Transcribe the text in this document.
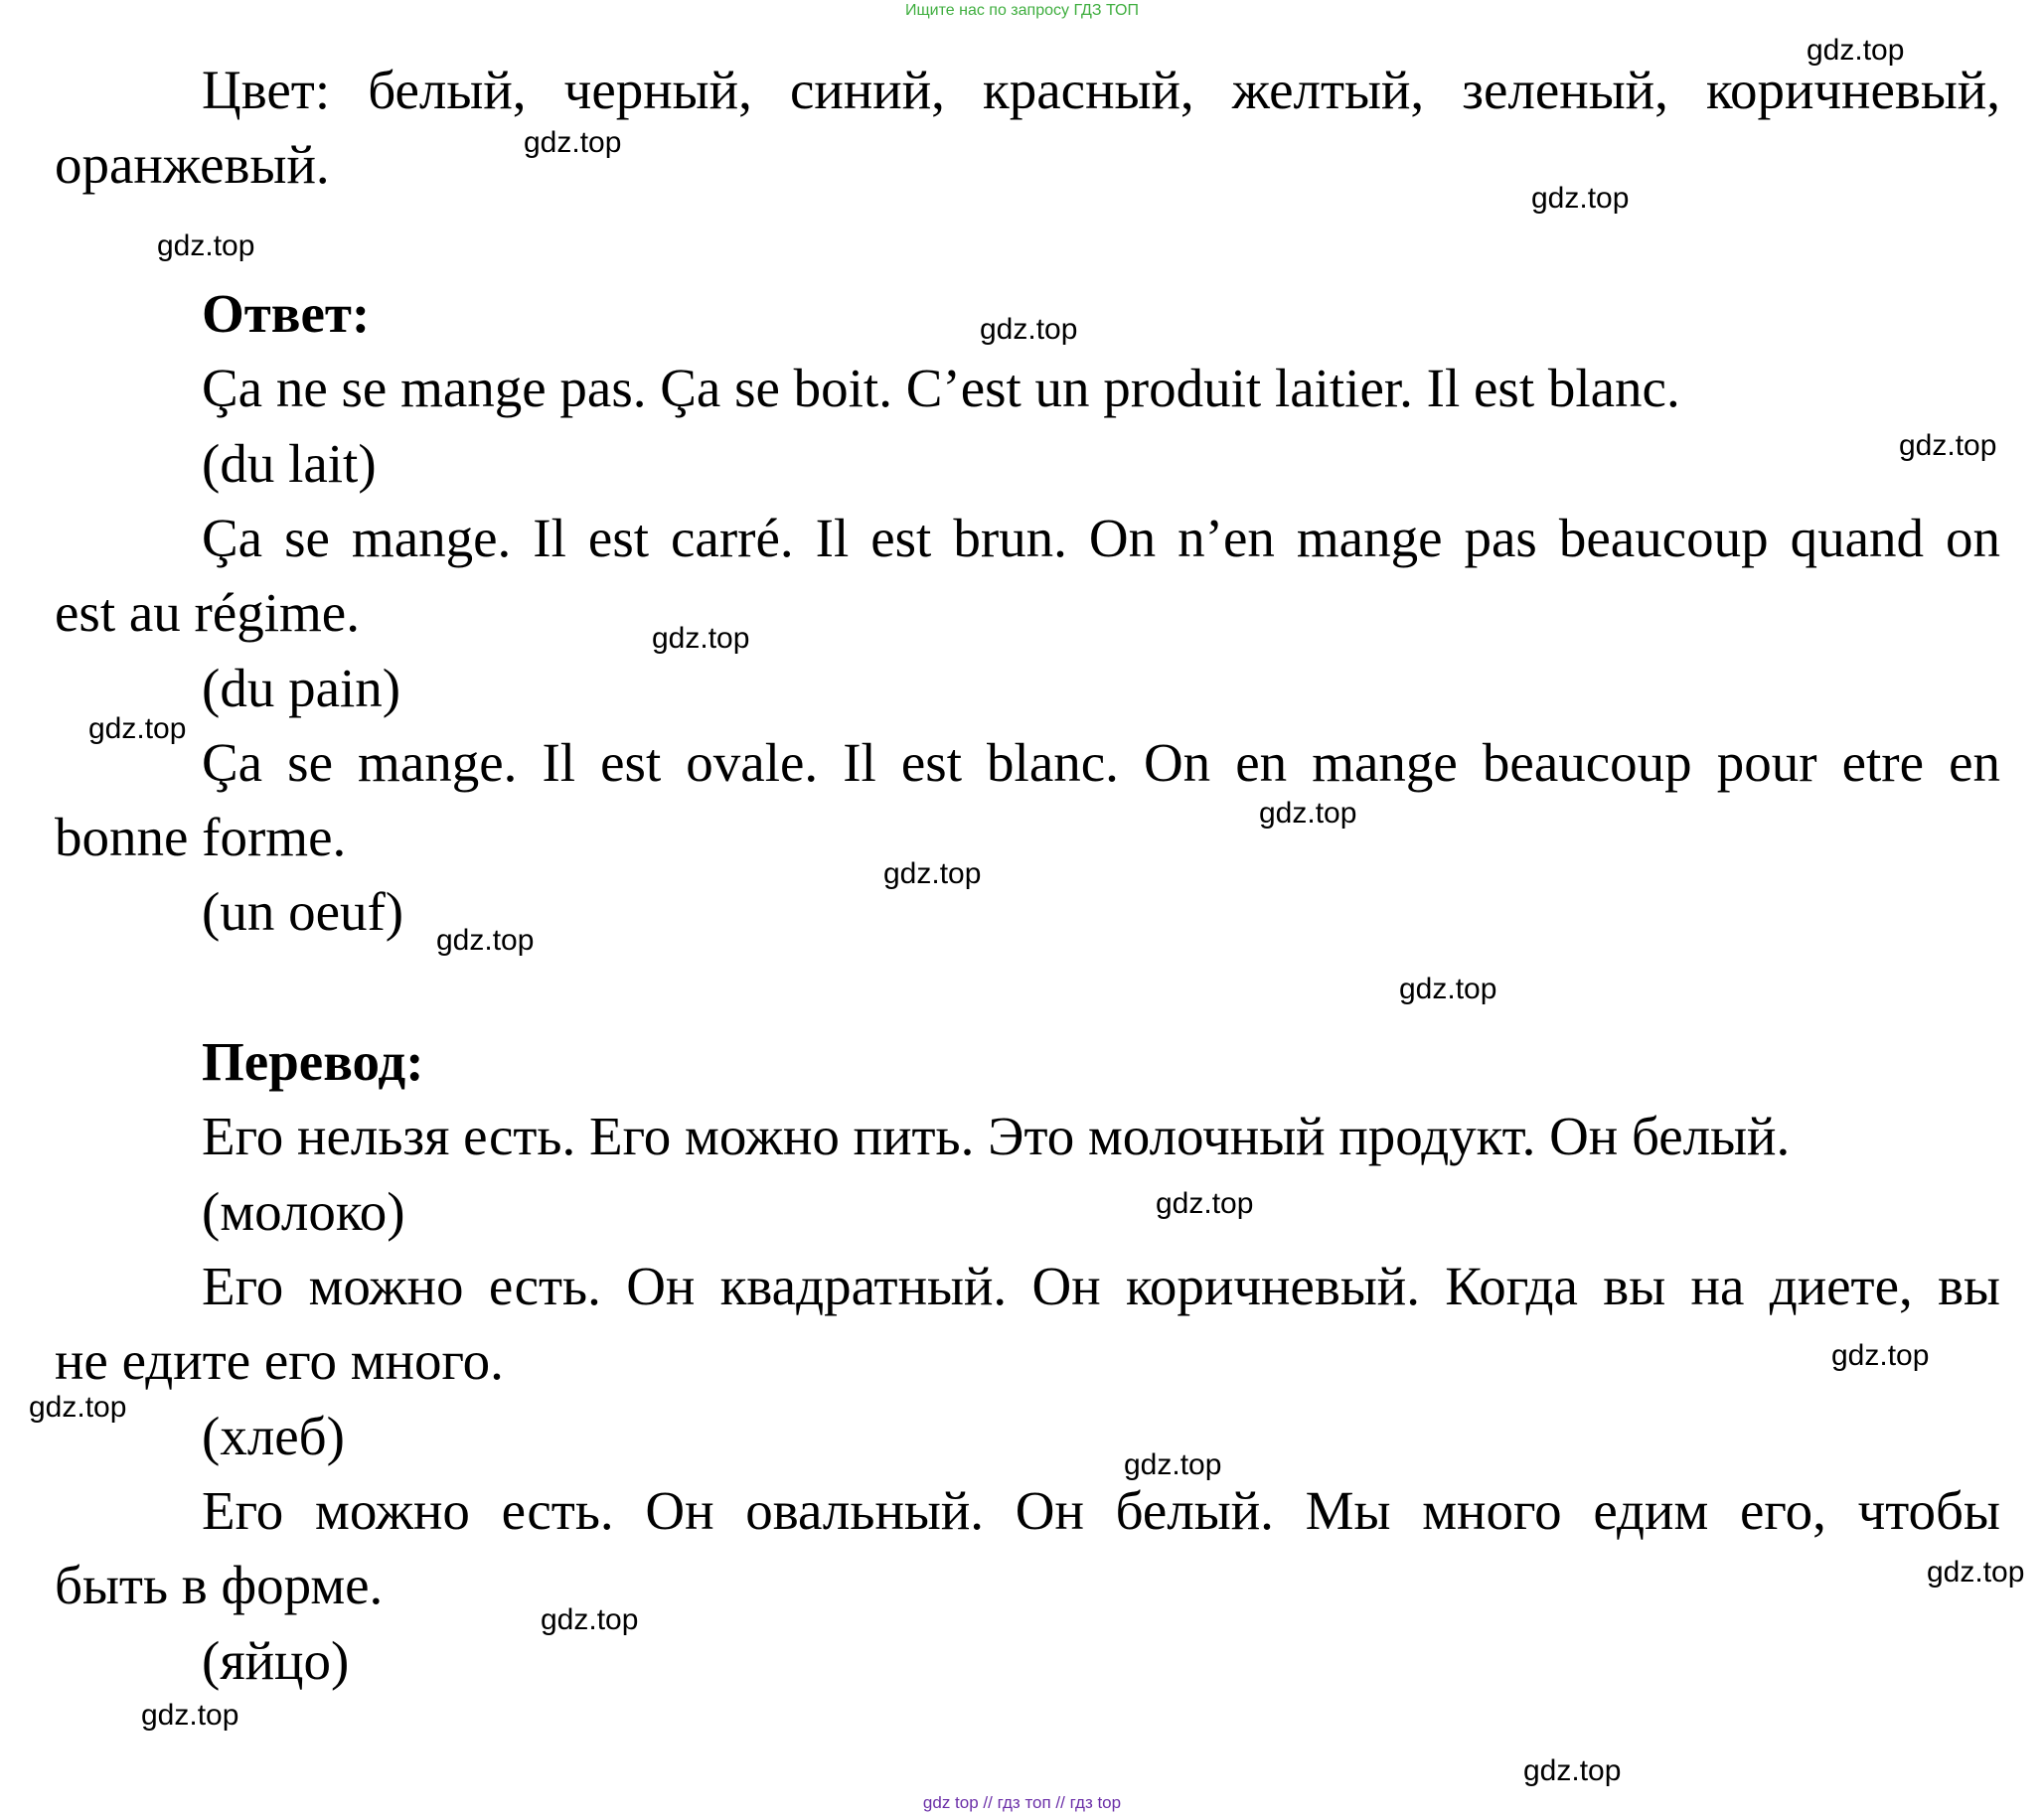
Ищите нас по запросу ГДЗ ТОП
Цвет: белый, черный, синий, красный, желтый, зеленый, коричневый,
оранжевый.
Ответ:
Ça ne se mange pas. Ça se boit. C’est un produit laitier. Il est blanc.
(du lait)
Ça se mange. Il est carré. Il est brun. On n’en mange pas beaucoup quand on
est au régime.
(du pain)
Ça se mange. Il est ovale. Il est blanc. On en mange beaucoup pour etre en
bonne forme.
(un oeuf)
Перевод:
Его нельзя есть. Его можно пить. Это молочный продукт. Он белый.
(молоко)
Его можно есть. Он квадратный. Он коричневый. Когда вы на диете, вы
не едите его много.
(хлеб)
Его можно есть. Он овальный. Он белый. Мы много едим его, чтобы
быть в форме.
(яйцо)
gdz.top
gdz.top
gdz.top
gdz.top
gdz.top
gdz.top
gdz.top
gdz.top
gdz.top
gdz.top
gdz.top
gdz.top
gdz.top
gdz.top
gdz.top
gdz.top
gdz.top
gdz.top
gdz.top
gdz.top
gdz top // гдз топ // гдз top
